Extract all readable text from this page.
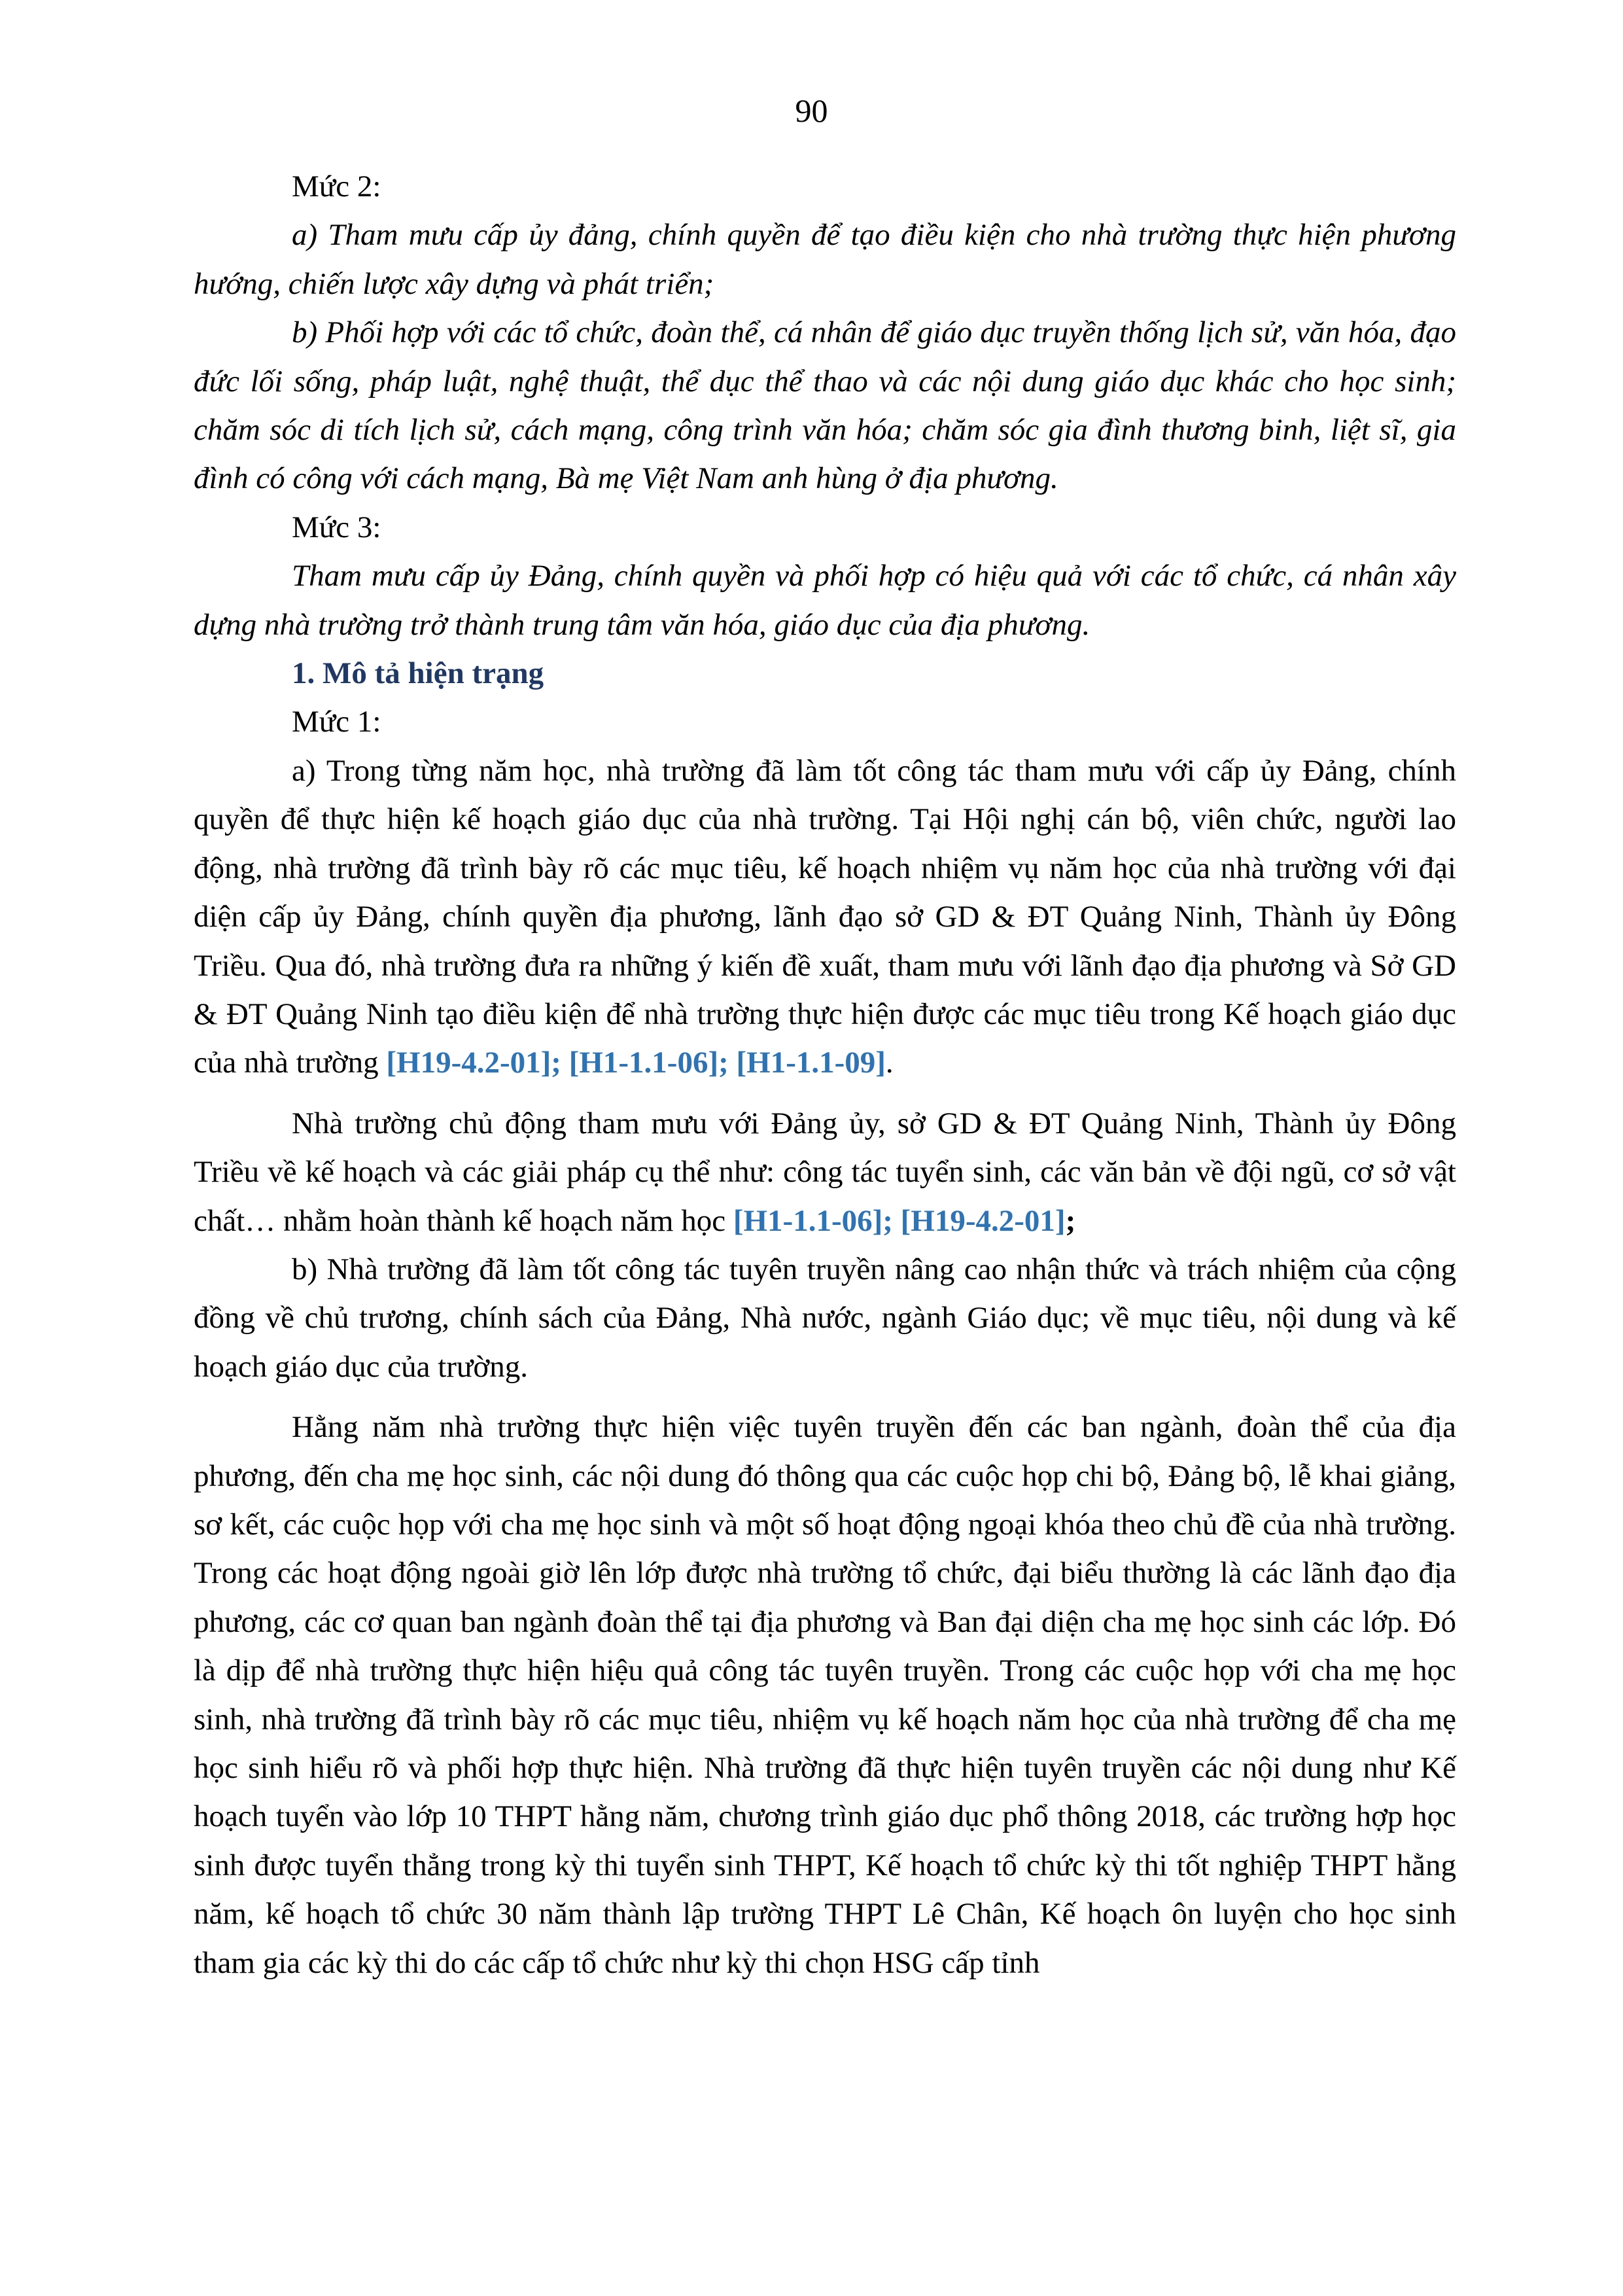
90

Mức 2:

a) Tham mưu cấp ủy đảng, chính quyền để tạo điều kiện cho nhà trường thực hiện phương hướng, chiến lược xây dựng và phát triển;

b) Phối hợp với các tổ chức, đoàn thể, cá nhân để giáo dục truyền thống lịch sử, văn hóa, đạo đức lối sống, pháp luật, nghệ thuật, thể dục thể thao và các nội dung giáo dục khác cho học sinh; chăm sóc di tích lịch sử, cách mạng, công trình văn hóa; chăm sóc gia đình thương binh, liệt sĩ, gia đình có công với cách mạng, Bà mẹ Việt Nam anh hùng ở địa phương.

Mức 3:

Tham mưu cấp ủy Đảng, chính quyền và phối hợp có hiệu quả với các tổ chức, cá nhân xây dựng nhà trường trở thành trung tâm văn hóa, giáo dục của địa phương.

1. Mô tả hiện trạng

Mức 1:

a) Trong từng năm học, nhà trường đã làm tốt công tác tham mưu với cấp ủy Đảng, chính quyền để thực hiện kế hoạch giáo dục của nhà trường. Tại Hội nghị cán bộ, viên chức, người lao động, nhà trường đã trình bày rõ các mục tiêu, kế hoạch nhiệm vụ năm học của nhà trường với đại diện cấp ủy Đảng, chính quyền địa phương, lãnh đạo sở GD & ĐT Quảng Ninh, Thành ủy Đông Triều. Qua đó, nhà trường đưa ra những ý kiến đề xuất, tham mưu với lãnh đạo địa phương và Sở GD & ĐT Quảng Ninh tạo điều kiện để nhà trường thực hiện được các mục tiêu trong Kế hoạch giáo dục của nhà trường [H19-4.2-01]; [H1-1.1-06]; [H1-1.1-09].

Nhà trường chủ động tham mưu với Đảng ủy, sở GD & ĐT Quảng Ninh, Thành ủy Đông Triều về kế hoạch và các giải pháp cụ thể như: công tác tuyển sinh, các văn bản về đội ngũ, cơ sở vật chất… nhằm hoàn thành kế hoạch năm học [H1-1.1-06]; [H19-4.2-01];

b) Nhà trường đã làm tốt công tác tuyên truyền nâng cao nhận thức và trách nhiệm của cộng đồng về chủ trương, chính sách của Đảng, Nhà nước, ngành Giáo dục; về mục tiêu, nội dung và kế hoạch giáo dục của trường.

Hằng năm nhà trường thực hiện việc tuyên truyền đến các ban ngành, đoàn thể của địa phương, đến cha mẹ học sinh, các nội dung đó thông qua các cuộc họp chi bộ, Đảng bộ, lễ khai giảng, sơ kết, các cuộc họp với cha mẹ học sinh và một số hoạt động ngoại khóa theo chủ đề của nhà trường. Trong các hoạt động ngoài giờ lên lớp được nhà trường tổ chức, đại biểu thường là các lãnh đạo địa phương, các cơ quan ban ngành đoàn thể tại địa phương và Ban đại diện cha mẹ học sinh các lớp. Đó là dịp để nhà trường thực hiện hiệu quả công tác tuyên truyền. Trong các cuộc họp với cha mẹ học sinh, nhà trường đã trình bày rõ các mục tiêu, nhiệm vụ kế hoạch năm học của nhà trường để cha mẹ học sinh hiểu rõ và phối hợp thực hiện. Nhà trường đã thực hiện tuyên truyền các nội dung như Kế hoạch tuyển vào lớp 10 THPT hằng năm, chương trình giáo dục phổ thông 2018, các trường hợp học sinh được tuyển thẳng trong kỳ thi tuyển sinh THPT, Kế hoạch tổ chức kỳ thi tốt nghiệp THPT hằng năm, kế hoạch tổ chức 30 năm thành lập trường THPT Lê Chân, Kế hoạch ôn luyện cho học sinh tham gia các kỳ thi do các cấp tổ chức như kỳ thi chọn HSG cấp tỉnh
